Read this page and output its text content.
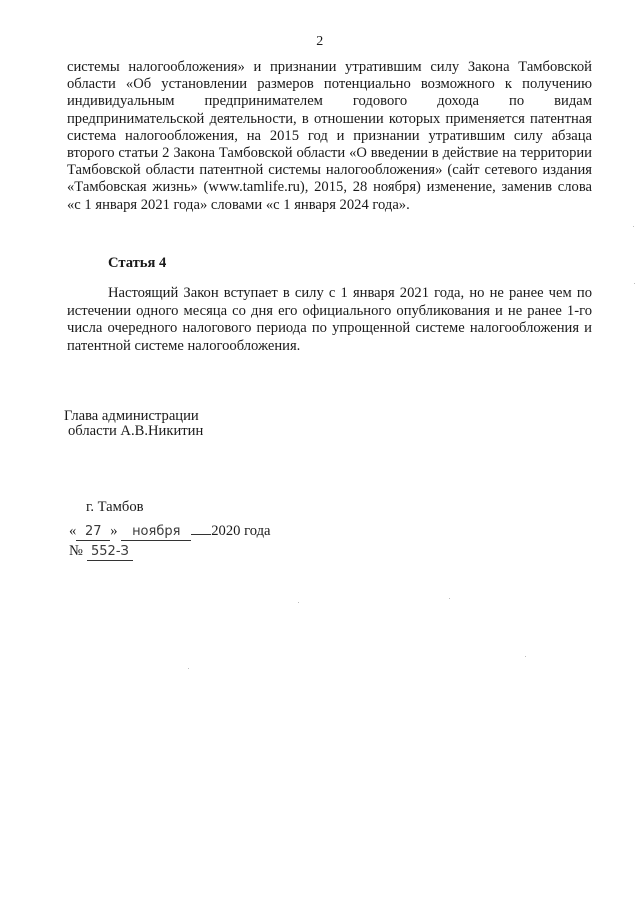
2
системы налогообложения» и признании утратившим силу Закона Тамбовской области «Об установлении размеров потенциально возможного к получению индивидуальным предпринимателем годового дохода по видам предпринимательской деятельности, в отношении которых применяется патентная система налогообложения, на 2015 год и признании утратившим силу абзаца второго статьи 2 Закона Тамбовской области «О введении в действие на территории Тамбовской области патентной системы налогообложения» (сайт сетевого издания «Тамбовская жизнь» (www.tamlife.ru), 2015, 28 ноября) изменение, заменив слова «с 1 января 2021 года» словами «с 1 января 2024 года».
Статья 4
Настоящий Закон вступает в силу с 1 января 2021 года, но не ранее чем по истечении одного месяца со дня его официального опубликования и не ранее 1-го числа очередного налогового периода по упрощенной системе налогообложения и патентной системе налогообложения.
Глава администрации
области А.В.Никитин
г. Тамбов
« 27 » ноября 2020 года
№ 552-З
